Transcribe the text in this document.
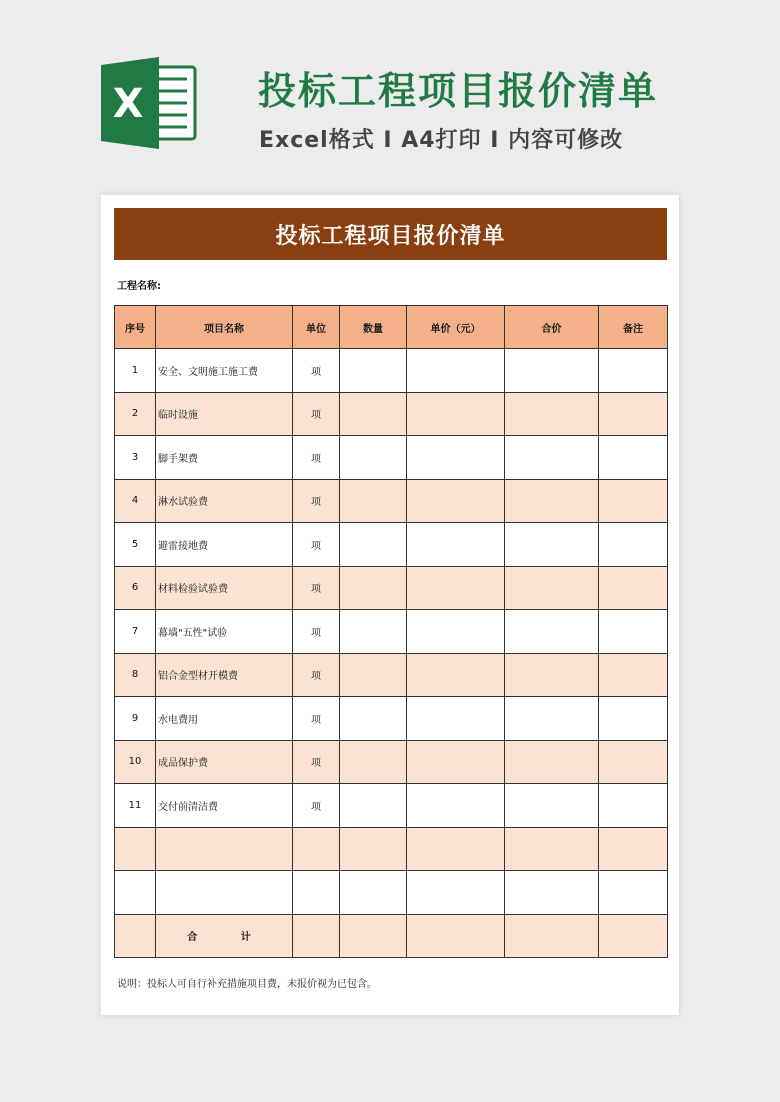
X	投标工程项目报价清单
Excel格式 I A4打印 I 内容可修改
投标工程项目报价清单
工程名称:
序号	项目名称	单位	数量	单价（元）	合价	备注
1	安全、文明施工施工费	项				
2	临时设施	项				
3	脚手架费	项				
4	淋水试验费	项				
5	避雷接地费	项				
6	材料检验试验费	项				
7	幕墙"五性"试验	项				
8	铝合金型材开模费	项				
9	水电费用	项				
10	成品保护费	项				
11	交付前清洁费	项				

	合 计					
说明：投标人可自行补充措施项目费，未报价视为已包含。
